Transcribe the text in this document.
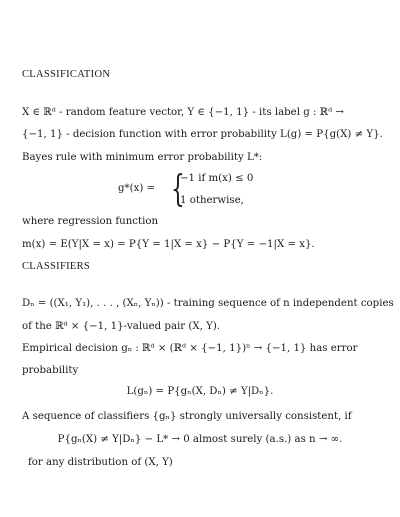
CLASSIFICATION
X ∈ ℝᵈ - random feature vector, Y ∈ {−1, 1} - its label g : ℝᵈ →
{−1, 1} - decision function with error probability L(g) = P{g(X) ≠ Y}.
Bayes rule with minimum error probability L*:
g*(x) = {
−1 if m(x) ≤ 0
1 otherwise,
where regression function
m(x) = E(Y|X = x) = P{Y = 1|X = x} − P{Y = −1|X = x}.
CLASSIFIERS
Dₙ = ((X₁, Y₁), . . . , (Xₙ, Yₙ)) - training sequence of n independent copies
of the ℝᵈ × {−1, 1}-valued pair (X, Y).
Empirical decision gₙ : ℝᵈ × (ℝᵈ × {−1, 1})ⁿ → {−1, 1} has error
probability
L(gₙ) = P{gₙ(X, Dₙ) ≠ Y|Dₙ}.
A sequence of classifiers {gₙ} strongly universally consistent, if
P{gₙ(X) ≠ Y|Dₙ} − L* → 0 almost surely (a.s.) as n → ∞.
for any distribution of (X, Y)
